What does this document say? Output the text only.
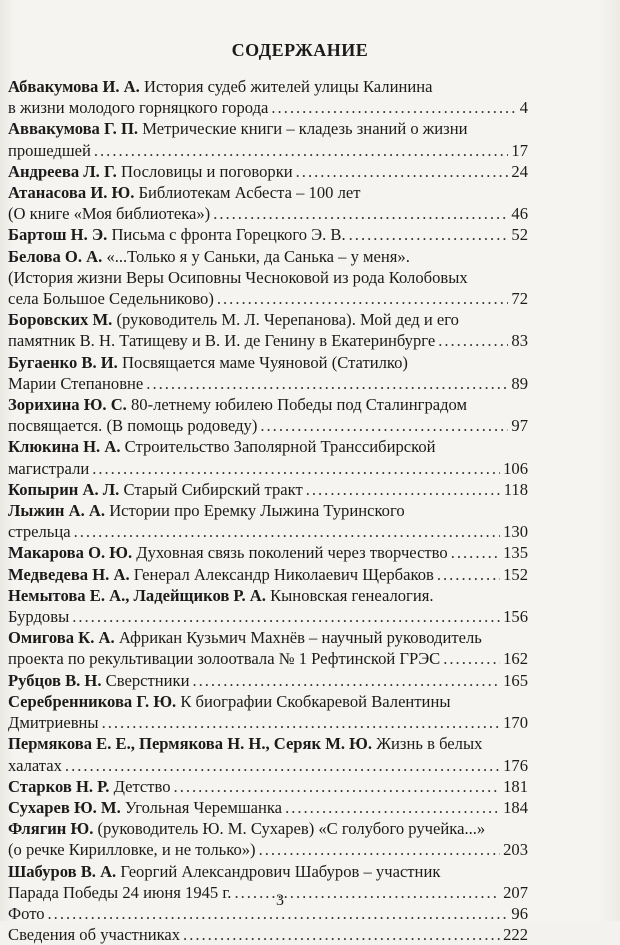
СОДЕРЖАНИЕ
Абвакумова И. А. История судеб жителей улицы Калинина
в жизни молодого горняцкого города .....	4
Аввакумова Г. П. Метрические книги – кладезь знаний о жизни
прошедшей .....	17
Андреева Л. Г. Пословицы и поговорки .....	24
Атанасова И. Ю. Библиотекам Асбеста – 100 лет
(О книге «Моя библиотека») .....	46
Бартош Н. Э. Письма с фронта Горецкого Э. В. .....	52
Белова О. А. «...Только я у Саньки, да Санька – у меня».
(История жизни Веры Осиповны Чесноковой из рода Колобовых
села Большое Седельниково) .....	72
Боровских М. (руководитель М. Л. Черепанова). Мой дед и его
памятник В. Н. Татищеву и В. И. де Генину в Екатеринбурге .....	83
Бугаенко В. И. Посвящается маме Чуяновой (Статилко)
Марии Степановне .....	89
Зорихина Ю. С. 80-летнему юбилею Победы под Сталинградом
посвящается. (В помощь родоведу) .....	97
Клюкина Н. А. Строительство Заполярной Транссибирской
магистрали .....	106
Копырин А. Л. Старый Сибирский тракт .....	118
Лыжин А. А. Истории про Еремку Лыжина Туринского
стрельца .....	130
Макарова О. Ю. Духовная связь поколений через творчество .....	135
Медведева Н. А. Генерал Александр Николаевич Щербаков .....	152
Немытова Е. А., Ладейщиков Р. А. Кыновская генеалогия.
Бурдовы .....	156
Омигова К. А. Африкан Кузьмич Махнёв – научный руководитель
проекта по рекультивации золоотвала № 1 Рефтинской ГРЭС .....	162
Рубцов В. Н. Сверстники .....	165
Серебренникова Г. Ю. К биографии Скобкаревой Валентины
Дмитриевны .....	170
Пермякова Е. Е., Пермякова Н. Н., Серяк М. Ю. Жизнь в белых
халатах .....	176
Старков Н. Р. Детство .....	181
Сухарев Ю. М. Угольная Черемшанка .....	184
Флягин Ю. (руководитель Ю. М. Сухарев) «С голубого ручейка...»
(о речке Кирилловке, и не только») .....	203
Шабуров В. А. Георгий Александрович Шабуров – участник
Парада Победы 24 июня 1945 г. .....	207
Фото .....	96
Сведения об участниках .....	222
3
